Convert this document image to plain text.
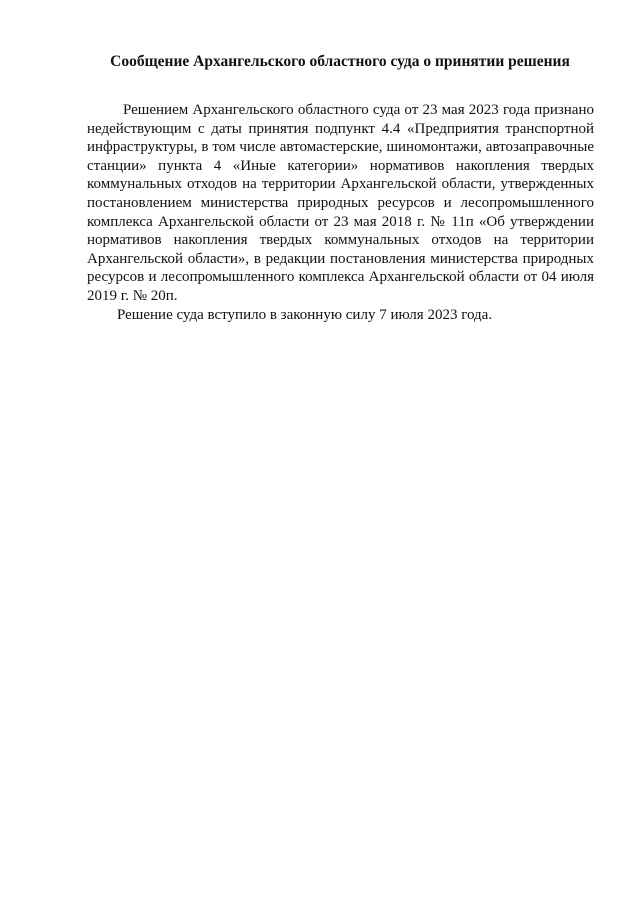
Сообщение Архангельского областного суда о принятии решения

Решением Архангельского областного суда от 23 мая 2023 года признано недействующим с даты принятия подпункт 4.4 «Предприятия транспортной инфраструктуры, в том числе автомастерские, шиномонтажи, автозаправочные станции» пункта 4 «Иные категории» нормативов накопления твердых коммунальных отходов на территории Архангельской области, утвержденных постановлением министерства природных ресурсов и лесопромышленного комплекса Архангельской области от 23 мая 2018 г. № 11п «Об утверждении нормативов накопления твердых коммунальных отходов на территории Архангельской области», в редакции постановления министерства природных ресурсов и лесопромышленного комплекса Архангельской области от 04 июля 2019 г. № 20п.

Решение суда вступило в законную силу 7 июля 2023 года.
